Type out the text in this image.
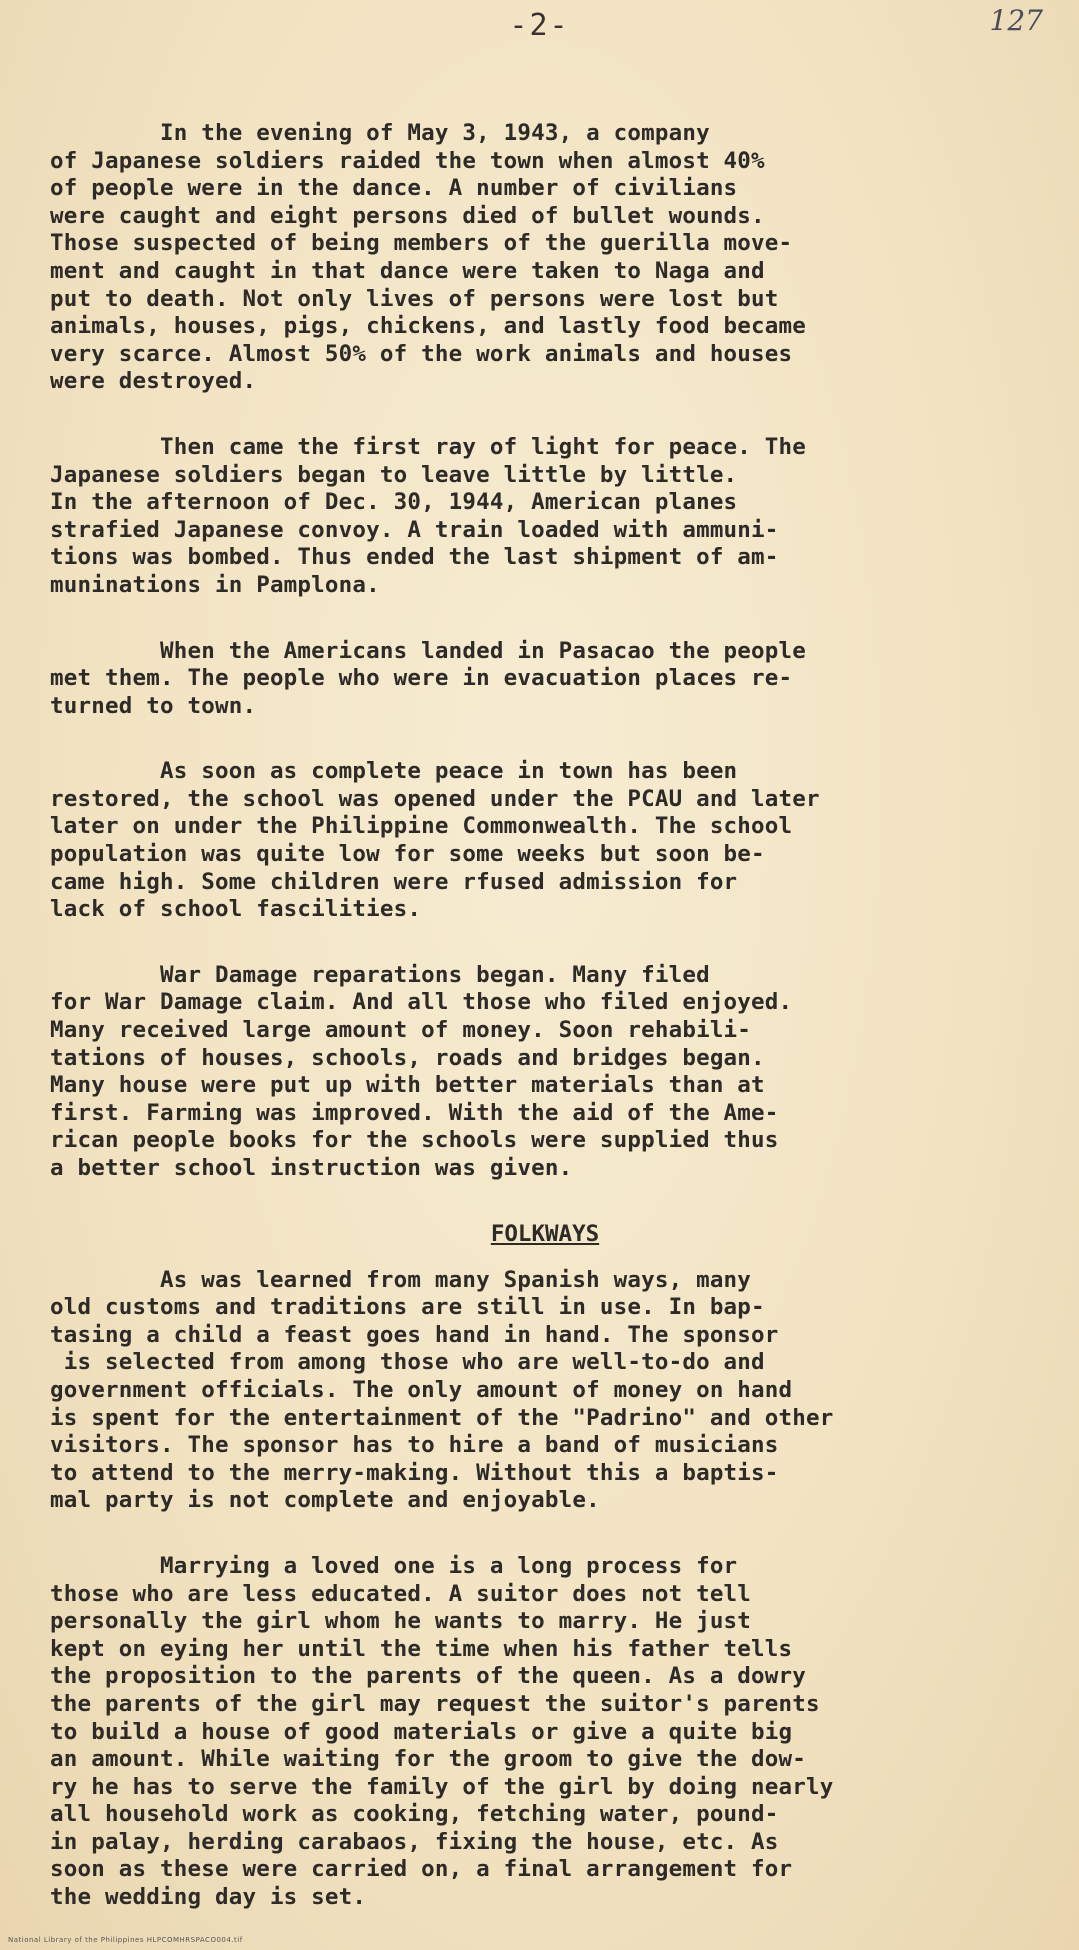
-2-	127
In the evening of May 3, 1943, a company
of Japanese soldiers raided the town when almost 40%
of people were in the dance. A number of civilians
were caught and eight persons died of bullet wounds.
Those suspected of being members of the guerilla move-
ment and caught in that dance were taken to Naga and
put to death. Not only lives of persons were lost but
animals, houses, pigs, chickens, and lastly food became
very scarce. Almost 50% of the work animals and houses
were destroyed.
Then came the first ray of light for peace. The
Japanese soldiers began to leave little by little.
In the afternoon of Dec. 30, 1944, American planes
strafied Japanese convoy. A train loaded with ammuni-
tions was bombed. Thus ended the last shipment of am-
muninations in Pamplona.
When the Americans landed in Pasacao the people
met them. The people who were in evacuation places re-
turned to town.
As soon as complete peace in town has been
restored, the school was opened under the PCAU and later
later on under the Philippine Commonwealth. The school
population was quite low for some weeks but soon be-
came high. Some children were rfused admission for
lack of school fascilities.
War Damage reparations began. Many filed
for War Damage claim. And all those who filed enjoyed.
Many received large amount of money. Soon rehabili-
tations of houses, schools, roads and bridges began.
Many house were put up with better materials than at
first. Farming was improved. With the aid of the Ame-
rican people books for the schools were supplied thus
a better school instruction was given.
FOLKWAYS
As was learned from many Spanish ways, many
old customs and traditions are still in use. In bap-
tasing a child a feast goes hand in hand. The sponsor
is selected from among those who are well-to-do and
government officials. The only amount of money on hand
is spent for the entertainment of the "Padrino" and other
visitors. The sponsor has to hire a band of musicians
to attend to the merry-making. Without this a baptis-
mal party is not complete and enjoyable.
Marrying a loved one is a long process for
those who are less educated. A suitor does not tell
personally the girl whom he wants to marry. He just
kept on eying her until the time when his father tells
the proposition to the parents of the queen. As a dowry
the parents of the girl may request the suitor's parents
to build a house of good materials or give a quite big
an amount. While waiting for the groom to give the dow-
ry he has to serve the family of the girl by doing nearly
all household work as cooking, fetching water, pound-
in palay, herding carabaos, fixing the house, etc. As
soon as these were carried on, a final arrangement for
the wedding day is set.
National Library of the Philippines HLPCOMHRSPACO004.tif
